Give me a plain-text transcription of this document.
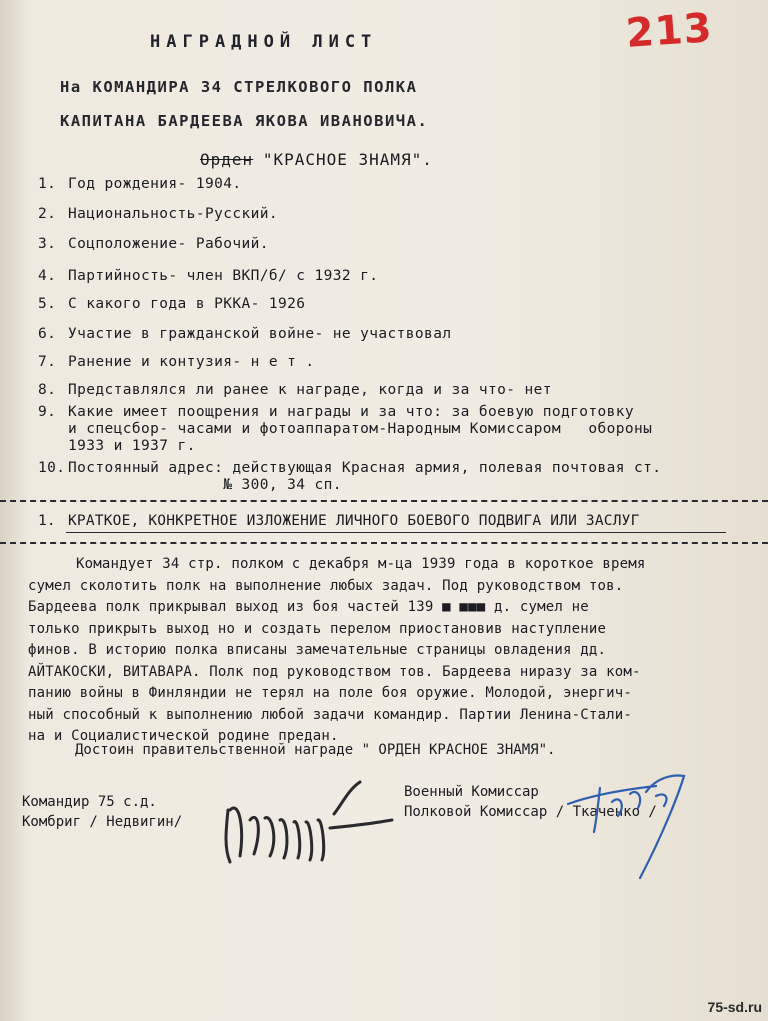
213
НАГРАДНОЙ ЛИСТ
На КОМАНДИРА 34 СТРЕЛКОВОГО ПОЛКА
КАПИТАНА БАРДЕЕВА ЯКОВА ИВАНОВИЧА.
Орден "КРАСНОЕ ЗНАМЯ".
1. Год рождения- 1904.
2. Национальность-Русский.
3. Соцположение- Рабочий.
4. Партийность- член ВКП/б/ с 1932 г.
5. С какого года в РККА- 1926
6. Участие в гражданской войне- не участвовал
7. Ранение и контузия- н е т .
8. Представлялся ли ранее к награде, когда и за что- нет
9. Какие имеет поощрения и награды и за что: за боевую подготовку
и спецсбор- часами и фотоаппаратом-Народным Комиссаром   обороны
1933 и 1937 г.
10. Постоянный адрес: действующая Красная армия, полевая почтовая ст.
№ 300, 34 сп.
1. КРАТКОЕ, КОНКРЕТНОЕ ИЗЛОЖЕНИЕ ЛИЧНОГО БОЕВОГО ПОДВИГА ИЛИ ЗАСЛУГ
Командует 34 стр. полком с декабря м-ца 1939 года в короткое время
сумел сколотить полк на выполнение любых задач. Под руководством тов.
Бардеева полк прикрывал выход из боя частей 139 ■ ■■■ д. сумел не
только прикрыть выход но и создать перелом приостановив наступление
финов. В историю полка вписаны замечательные страницы овладения дд.
АЙТАКОСКИ, ВИТАВАРА. Полк под руководством тов. Бардеева ниразу за ком-
панию войны в Финляндии не терял на поле боя оружие. Молодой, энергич-
ный способный к выполнению любой задачи командир. Партии Ленина-Стали-
на и Социалистической родине предан.
Достоин правительственной награде " ОРДЕН КРАСНОЕ ЗНАМЯ".
Командир 75 с.д.
Комбриг / Недвигин/
Военный Комиссар
Полковой Комиссар / Ткаченко /
75-sd.ru
